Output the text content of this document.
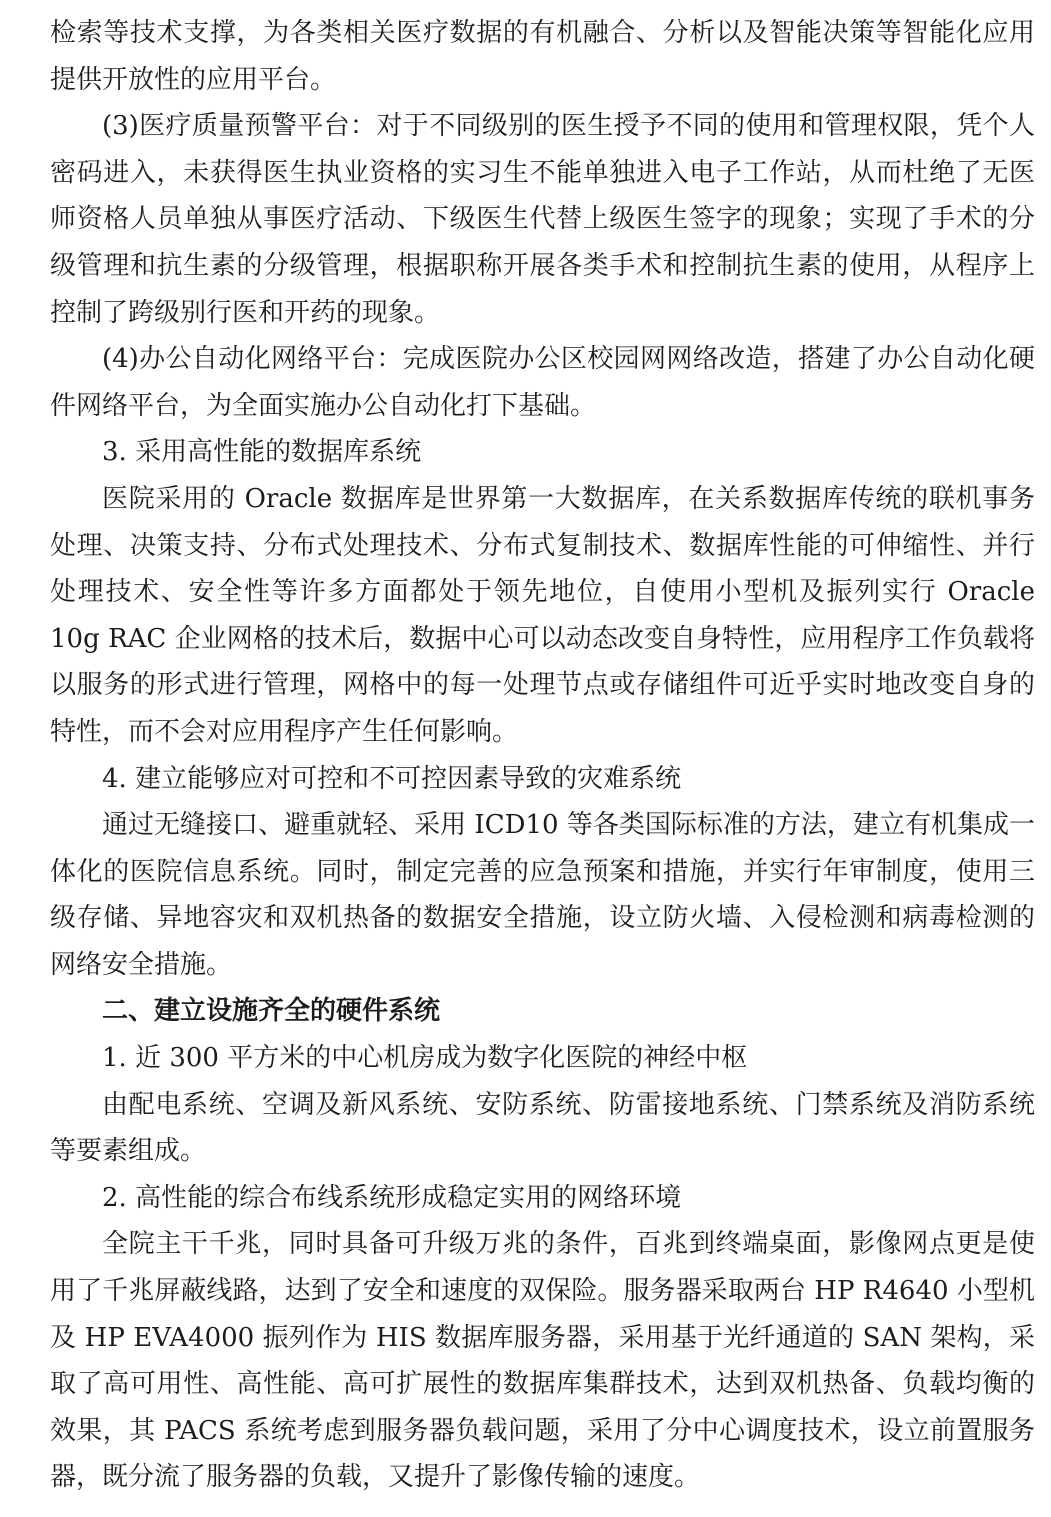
检索等技术支撑，为各类相关医疗数据的有机融合、分析以及智能决策等智能化应用提供开放性的应用平台。

(3)医疗质量预警平台：对于不同级别的医生授予不同的使用和管理权限，凭个人密码进入，未获得医生执业资格的实习生不能单独进入电子工作站，从而杜绝了无医师资格人员单独从事医疗活动、下级医生代替上级医生签字的现象；实现了手术的分级管理和抗生素的分级管理，根据职称开展各类手术和控制抗生素的使用，从程序上控制了跨级别行医和开药的现象。

(4)办公自动化网络平台：完成医院办公区校园网网络改造，搭建了办公自动化硬件网络平台，为全面实施办公自动化打下基础。

3. 采用高性能的数据库系统

医院采用的 Oracle 数据库是世界第一大数据库，在关系数据库传统的联机事务处理、决策支持、分布式处理技术、分布式复制技术、数据库性能的可伸缩性、并行处理技术、安全性等许多方面都处于领先地位，自使用小型机及振列实行 Oracle 10g RAC 企业网格的技术后，数据中心可以动态改变自身特性，应用程序工作负载将以服务的形式进行管理，网格中的每一处理节点或存储组件可近乎实时地改变自身的特性，而不会对应用程序产生任何影响。

4. 建立能够应对可控和不可控因素导致的灾难系统

通过无缝接口、避重就轻、采用 ICD10 等各类国际标准的方法，建立有机集成一体化的医院信息系统。同时，制定完善的应急预案和措施，并实行年审制度，使用三级存储、异地容灾和双机热备的数据安全措施，设立防火墙、入侵检测和病毒检测的网络安全措施。

二、建立设施齐全的硬件系统

1. 近 300 平方米的中心机房成为数字化医院的神经中枢

由配电系统、空调及新风系统、安防系统、防雷接地系统、门禁系统及消防系统等要素组成。

2. 高性能的综合布线系统形成稳定实用的网络环境

全院主干千兆，同时具备可升级万兆的条件，百兆到终端桌面，影像网点更是使用了千兆屏蔽线路，达到了安全和速度的双保险。服务器采取两台 HP R4640 小型机及 HP EVA4000 振列作为 HIS 数据库服务器，采用基于光纤通道的 SAN 架构，采取了高可用性、高性能、高可扩展性的数据库集群技术，达到双机热备、负载均衡的效果，其 PACS 系统考虑到服务器负载问题，采用了分中心调度技术，设立前置服务器，既分流了服务器的负载，又提升了影像传输的速度。
